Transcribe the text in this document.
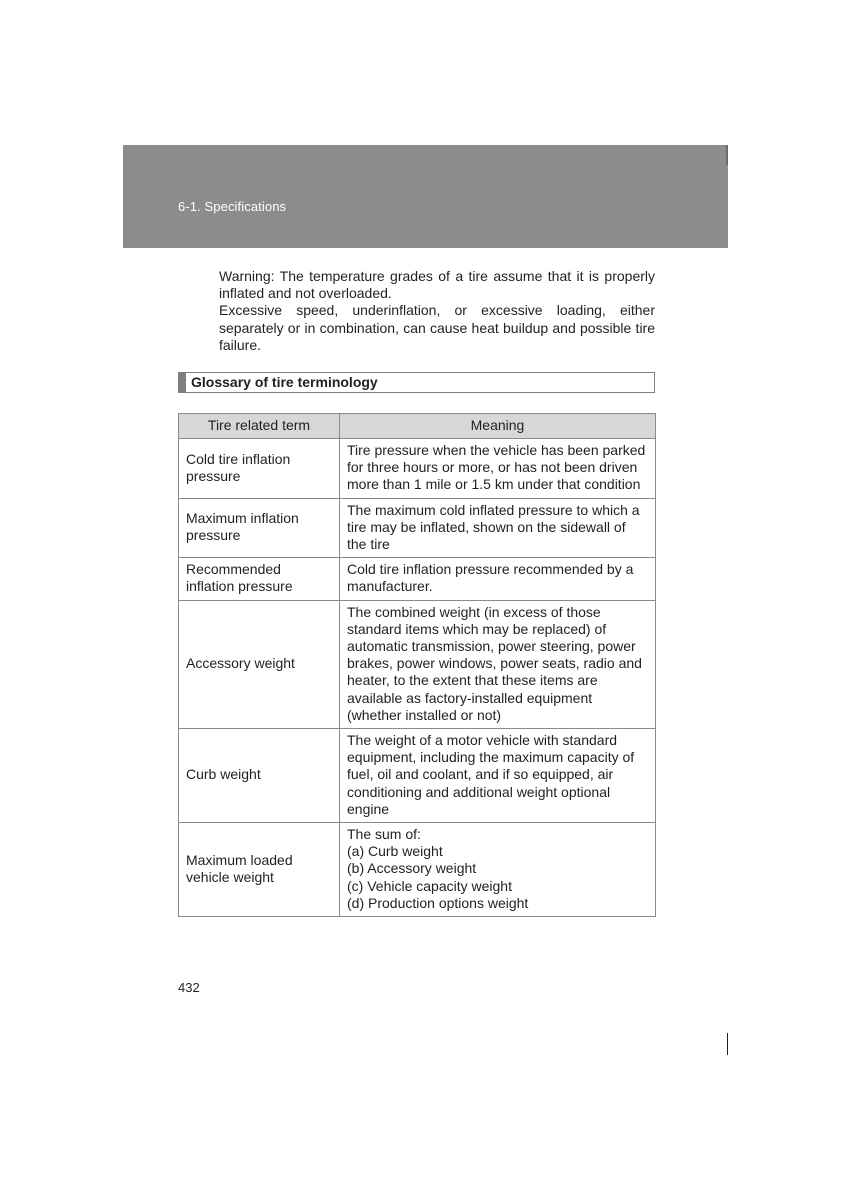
6-1. Specifications

Warning: The temperature grades of a tire assume that it is properly inflated and not overloaded.

Excessive speed, underinflation, or excessive loading, either separately or in combination, can cause heat buildup and possible tire failure.

Glossary of tire terminology
Tire related term	Meaning
Cold tire inflation pressure	Tire pressure when the vehicle has been parked for three hours or more, or has not been driven more than 1 mile or 1.5 km under that condition
Maximum inflation pressure	The maximum cold inflated pressure to which a tire may be inflated, shown on the sidewall of the tire
Recommended inflation pressure	Cold tire inflation pressure recommended by a manufacturer.
Accessory weight	The combined weight (in excess of those standard items which may be replaced) of automatic transmission, power steering, power brakes, power windows, power seats, radio and heater, to the extent that these items are available as factory-installed equipment (whether installed or not)
Curb weight	The weight of a motor vehicle with standard equipment, including the maximum capacity of fuel, oil and coolant, and if so equipped, air conditioning and additional weight optional engine
Maximum loaded vehicle weight	The sum of:
(a) Curb weight
(b) Accessory weight
(c) Vehicle capacity weight
(d) Production options weight
432
